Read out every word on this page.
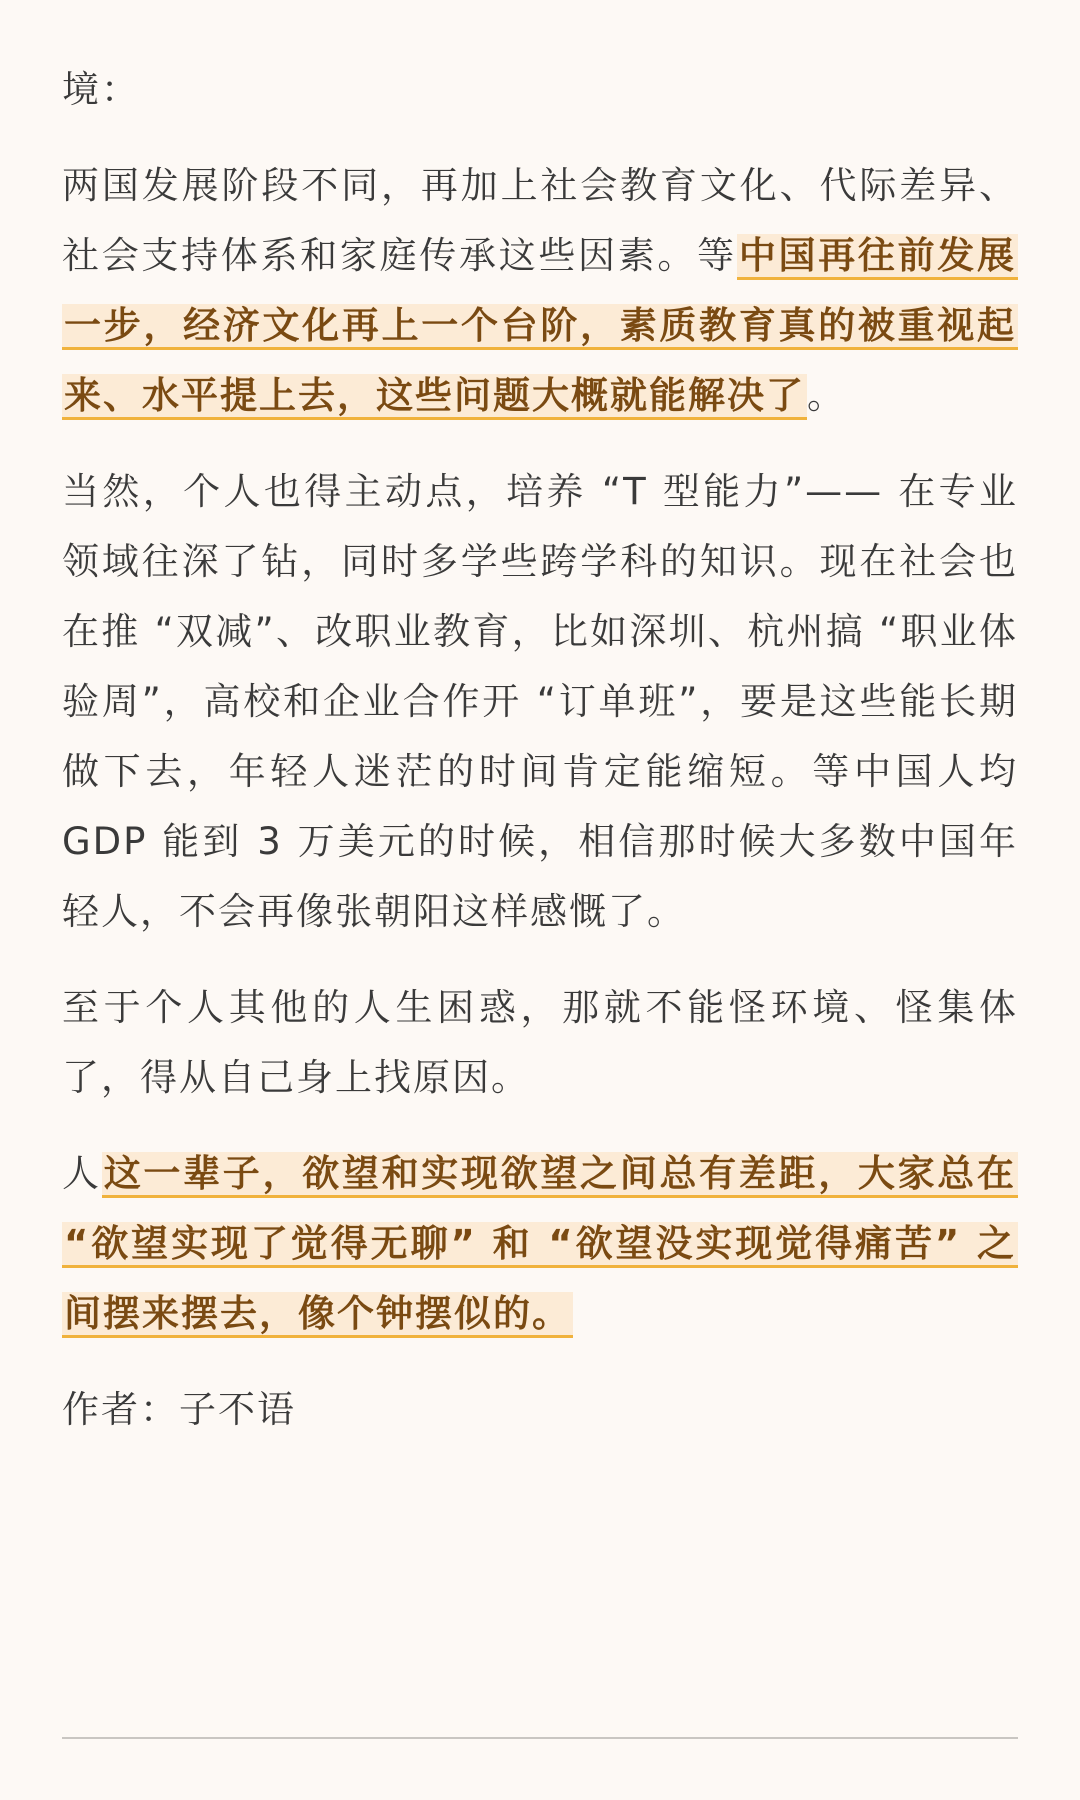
境：

两国发展阶段不同，再加上社会教育文化、代际差异、社会支持体系和家庭传承这些因素。等中国再往前发展一步，经济文化再上一个台阶，素质教育真的被重视起来、水平提上去，这些问题大概就能解决了。

当然，个人也得主动点，培养 “T 型能力”—— 在专业领域往深了钻，同时多学些跨学科的知识。现在社会也在推 “双减”、改职业教育，比如深圳、杭州搞 “职业体验周”，高校和企业合作开 “订单班”，要是这些能长期做下去，年轻人迷茫的时间肯定能缩短。等中国人均 GDP 能到 3 万美元的时候，相信那时候大多数中国年轻人，不会再像张朝阳这样感慨了。

至于个人其他的人生困惑，那就不能怪环境、怪集体了，得从自己身上找原因。

人这一辈子，欲望和实现欲望之间总有差距，大家总在 “欲望实现了觉得无聊” 和 “欲望没实现觉得痛苦” 之间摆来摆去，像个钟摆似的。

作者：子不语
